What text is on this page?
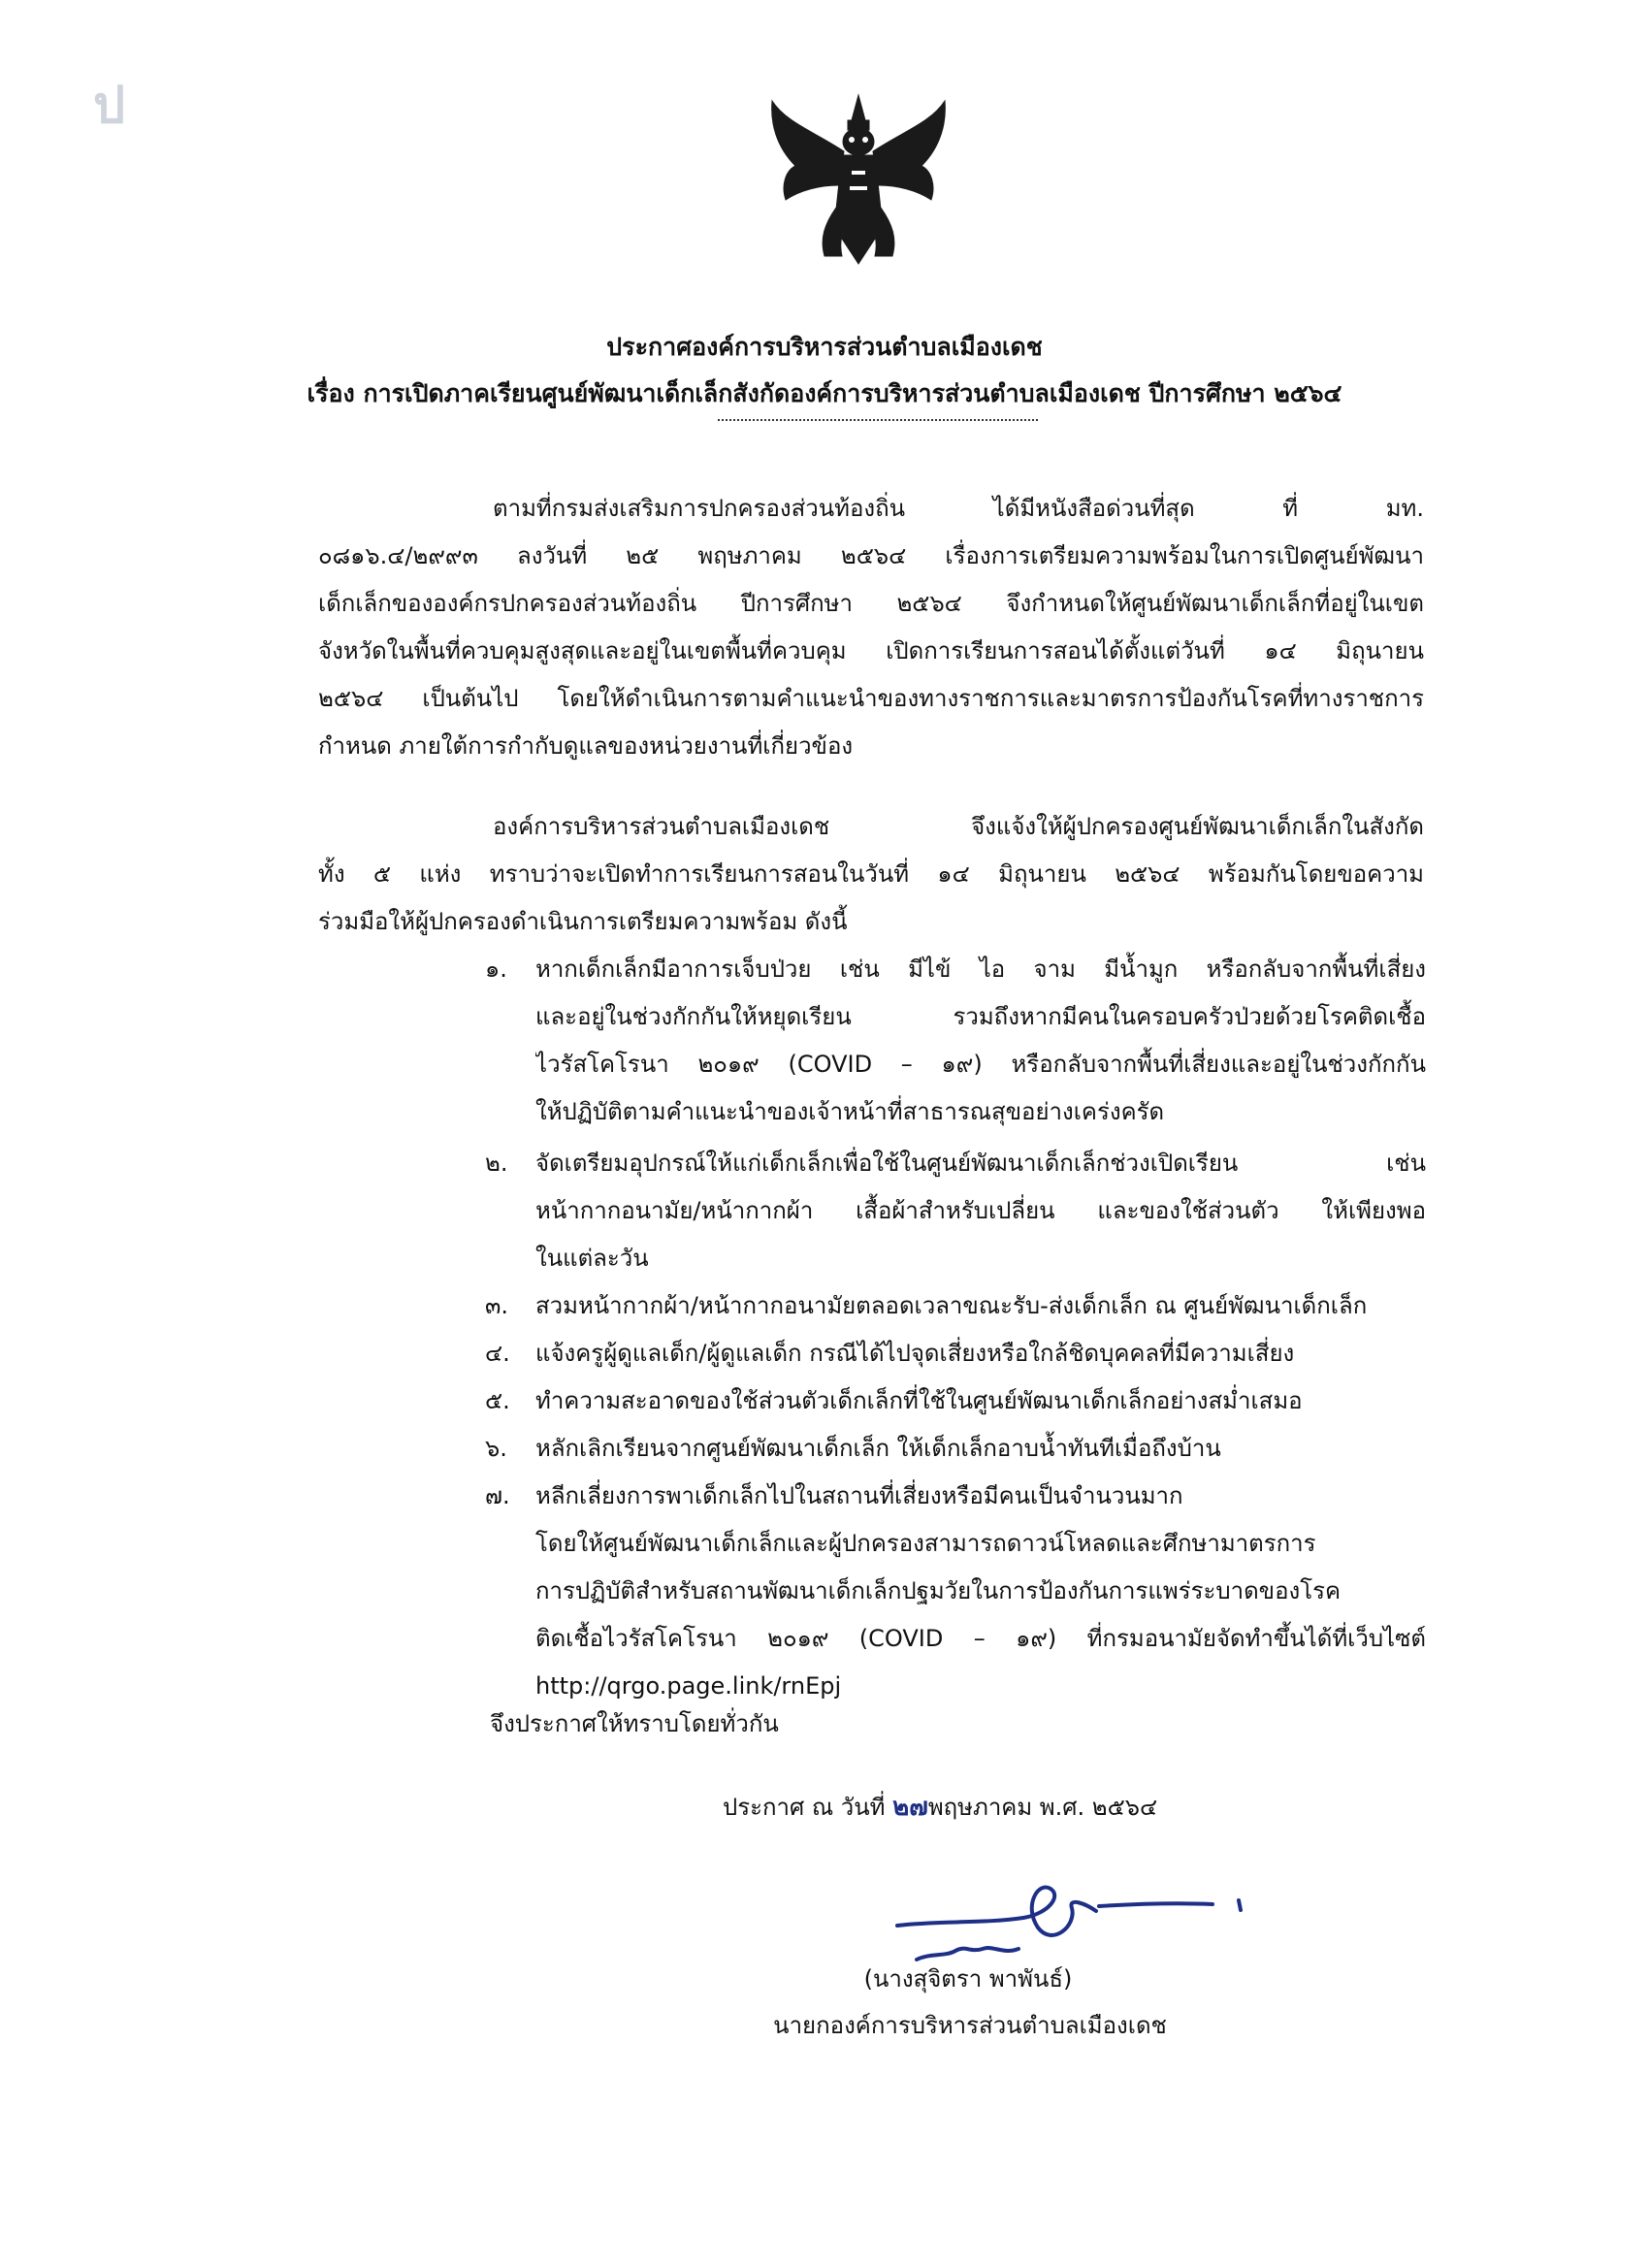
ป
ประกาศองค์การบริหารส่วนตำบลเมืองเดช
เรื่อง การเปิดภาคเรียนศูนย์พัฒนาเด็กเล็กสังกัดองค์การบริหารส่วนตำบลเมืองเดช ปีการศึกษา ๒๕๖๔
ตามที่กรมส่งเสริมการปกครองส่วนท้องถิ่น ได้มีหนังสือด่วนที่สุด ที่ มท.
๐๘๑๖.๔/๒๙๙๓ ลงวันที่ ๒๕ พฤษภาคม ๒๕๖๔ เรื่องการเตรียมความพร้อมในการเปิดศูนย์พัฒนา
เด็กเล็กขององค์กรปกครองส่วนท้องถิ่น ปีการศึกษา ๒๕๖๔ จึงกำหนดให้ศูนย์พัฒนาเด็กเล็กที่อยู่ในเขต
จังหวัดในพื้นที่ควบคุมสูงสุดและอยู่ในเขตพื้นที่ควบคุม เปิดการเรียนการสอนได้ตั้งแต่วันที่ ๑๔ มิถุนายน
๒๕๖๔ เป็นต้นไป โดยให้ดำเนินการตามคำแนะนำของทางราชการและมาตรการป้องกันโรคที่ทางราชการ
กำหนด ภายใต้การกำกับดูแลของหน่วยงานที่เกี่ยวข้อง
องค์การบริหารส่วนตำบลเมืองเดช จึงแจ้งให้ผู้ปกครองศูนย์พัฒนาเด็กเล็กในสังกัด
ทั้ง ๕ แห่ง ทราบว่าจะเปิดทำการเรียนการสอนในวันที่ ๑๔ มิถุนายน ๒๕๖๔ พร้อมกันโดยขอความ
ร่วมมือให้ผู้ปกครองดำเนินการเตรียมความพร้อม ดังนี้
๑. หากเด็กเล็กมีอาการเจ็บป่วย เช่น มีไข้ ไอ จาม มีน้ำมูก หรือกลับจากพื้นที่เสี่ยง
และอยู่ในช่วงกักกันให้หยุดเรียน รวมถึงหากมีคนในครอบครัวป่วยด้วยโรคติดเชื้อ
ไวรัสโคโรนา ๒๐๑๙ (COVID – ๑๙) หรือกลับจากพื้นที่เสี่ยงและอยู่ในช่วงกักกัน
ให้ปฏิบัติตามคำแนะนำของเจ้าหน้าที่สาธารณสุขอย่างเคร่งครัด
๒. จัดเตรียมอุปกรณ์ให้แก่เด็กเล็กเพื่อใช้ในศูนย์พัฒนาเด็กเล็กช่วงเปิดเรียน เช่น
หน้ากากอนามัย/หน้ากากผ้า เสื้อผ้าสำหรับเปลี่ยน และของใช้ส่วนตัว ให้เพียงพอ
ในแต่ละวัน
๓. สวมหน้ากากผ้า/หน้ากากอนามัยตลอดเวลาขณะรับ-ส่งเด็กเล็ก ณ ศูนย์พัฒนาเด็กเล็ก
๔. แจ้งครูผู้ดูแลเด็ก/ผู้ดูแลเด็ก กรณีได้ไปจุดเสี่ยงหรือใกล้ชิดบุคคลที่มีความเสี่ยง
๕. ทำความสะอาดของใช้ส่วนตัวเด็กเล็กที่ใช้ในศูนย์พัฒนาเด็กเล็กอย่างสม่ำเสมอ
๖. หลักเลิกเรียนจากศูนย์พัฒนาเด็กเล็ก ให้เด็กเล็กอาบน้ำทันทีเมื่อถึงบ้าน
๗. หลีกเลี่ยงการพาเด็กเล็กไปในสถานที่เสี่ยงหรือมีคนเป็นจำนวนมาก
โดยให้ศูนย์พัฒนาเด็กเล็กและผู้ปกครองสามารถดาวน์โหลดและศึกษามาตรการ
การปฏิบัติสำหรับสถานพัฒนาเด็กเล็กปฐมวัยในการป้องกันการแพร่ระบาดของโรค
ติดเชื้อไวรัสโคโรนา ๒๐๑๙ (COVID – ๑๙) ที่กรมอนามัยจัดทำขึ้นได้ที่เว็บไซต์
http://qrgo.page.link/rnEpj
จึงประกาศให้ทราบโดยทั่วกัน
ประกาศ ณ วันที่ ๒๗พฤษภาคม พ.ศ. ๒๕๖๔
(นางสุจิตรา พาพันธ์)
นายกองค์การบริหารส่วนตำบลเมืองเดช
